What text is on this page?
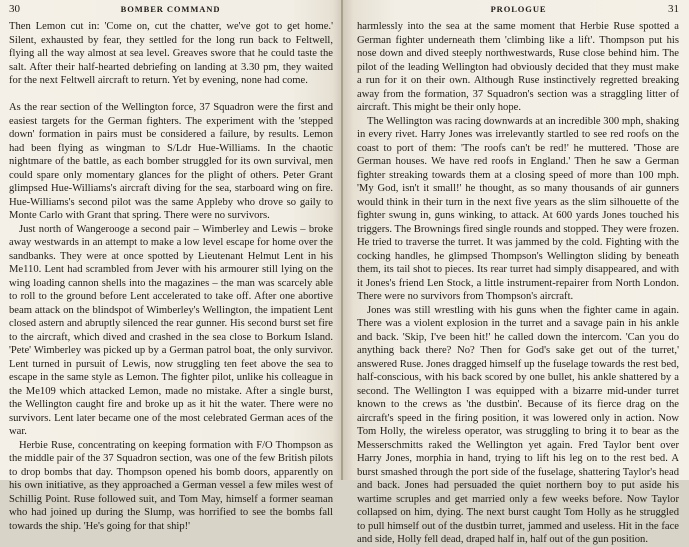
30	BOMBER COMMAND

Then Lemon cut in: 'Come on, cut the chatter, we've got to get home.' Silent, exhausted by fear, they settled for the long run back to Feltwell, flying all the way almost at sea level. Greaves swore that he could taste the salt. After their half-hearted debriefing on landing at 3.30 pm, they waited for the next Feltwell aircraft to return. Yet by evening, none had come.

As the rear section of the Wellington force, 37 Squadron were the first and easiest targets for the German fighters. The experiment with the 'stepped down' formation in pairs must be considered a failure, by results. Lemon had been flying as wingman to S/Ldr Hue-Williams. In the chaotic nightmare of the battle, as each bomber struggled for its own survival, men could spare only momentary glances for the plight of others. Peter Grant glimpsed Hue-Williams's aircraft diving for the sea, starboard wing on fire. Hue-Williams's second pilot was the same Appleby who drove so gaily to Monte Carlo with Grant that spring. There were no survivors.

Just north of Wangerooge a second pair – Wimberley and Lewis – broke away westwards in an attempt to make a low level escape for home over the sandbanks. They were at once spotted by Lieutenant Helmut Lent in his Me110. Lent had scrambled from Jever with his armourer still lying on the wing loading cannon shells into the magazines – the man was scarcely able to roll to the ground before Lent accelerated to take off. After one abortive beam attack on the blindspot of Wimberley's Wellington, the impatient Lent closed astern and abruptly silenced the rear gunner. His second burst set fire to the aircraft, which dived and crashed in the sea close to Borkum Island. 'Pete' Wimberley was picked up by a German patrol boat, the only survivor. Lent turned in pursuit of Lewis, now struggling ten feet above the sea to escape in the same style as Lemon. The fighter pilot, unlike his colleague in the Me109 which attacked Lemon, made no mistake. After a single burst, the Wellington caught fire and broke up as it hit the water. There were no survivors. Lent later became one of the most celebrated German aces of the war.

Herbie Ruse, concentrating on keeping formation with F/O Thompson as the middle pair of the 37 Squadron section, was one of the few British pilots to drop bombs that day. Thompson opened his bomb doors, apparently on his own initiative, as they approached a German vessel a few miles west of Schillig Point. Ruse followed suit, and Tom May, himself a former seaman who had joined up during the Slump, was horrified to see the bombs fall towards the ship. 'He's going for that ship!'

PROLOGUE	31

harmlessly into the sea at the same moment that Herbie Ruse spotted a German fighter underneath them 'climbing like a lift'. Thompson put his nose down and dived steeply northwestwards, Ruse close behind him. The pilot of the leading Wellington had obviously decided that they must make a run for it on their own. Although Ruse instinctively regretted breaking away from the formation, 37 Squadron's section was a straggling litter of aircraft. This might be their only hope.

The Wellington was racing downwards at an incredible 300 mph, shaking in every rivet. Harry Jones was irrelevantly startled to see red roofs on the coast to port of them: 'The roofs can't be red!' he muttered. 'Those are German houses. We have red roofs in England.' Then he saw a German fighter streaking towards them at a closing speed of more than 100 mph. 'My God, isn't it small!' he thought, as so many thousands of air gunners would think in their turn in the next five years as the slim silhouette of the fighter swung in, guns winking, to attack. At 600 yards Jones touched his triggers. The Brownings fired single rounds and stopped. They were frozen. He tried to traverse the turret. It was jammed by the cold. Fighting with the cocking handles, he glimpsed Thompson's Wellington sliding by beneath them, its tail shot to pieces. Its rear turret had simply disappeared, and with it Jones's friend Len Stock, a little instrument-repairer from North London. There were no survivors from Thompson's aircraft.

Jones was still wrestling with his guns when the fighter came in again. There was a violent explosion in the turret and a savage pain in his ankle and back. 'Skip, I've been hit!' he called down the intercom. 'Can you do anything back there? No? Then for God's sake get out of the turret,' answered Ruse. Jones dragged himself up the fuselage towards the rest bed, half-conscious, with his back scored by one bullet, his ankle shattered by a second. The Wellington I was equipped with a bizarre mid-under turret known to the crews as 'the dustbin'. Because of its fierce drag on the aircraft's speed in the firing position, it was lowered only in action. Now Tom Holly, the wireless operator, was struggling to bring it to bear as the Messerschmitts raked the Wellington yet again. Fred Taylor bent over Harry Jones, morphia in hand, trying to lift his leg on to the rest bed. A burst smashed through the port side of the fuselage, shattering Taylor's head and back. Jones had persuaded the quiet northern boy to put aside his wartime scruples and get married only a few weeks before. Now Taylor collapsed on him, dying. The next burst caught Tom Holly as he struggled to pull himself out of the dustbin turret, jammed and useless. Hit in the face and side, Holly fell dead, draped half in, half out of the gun position.
